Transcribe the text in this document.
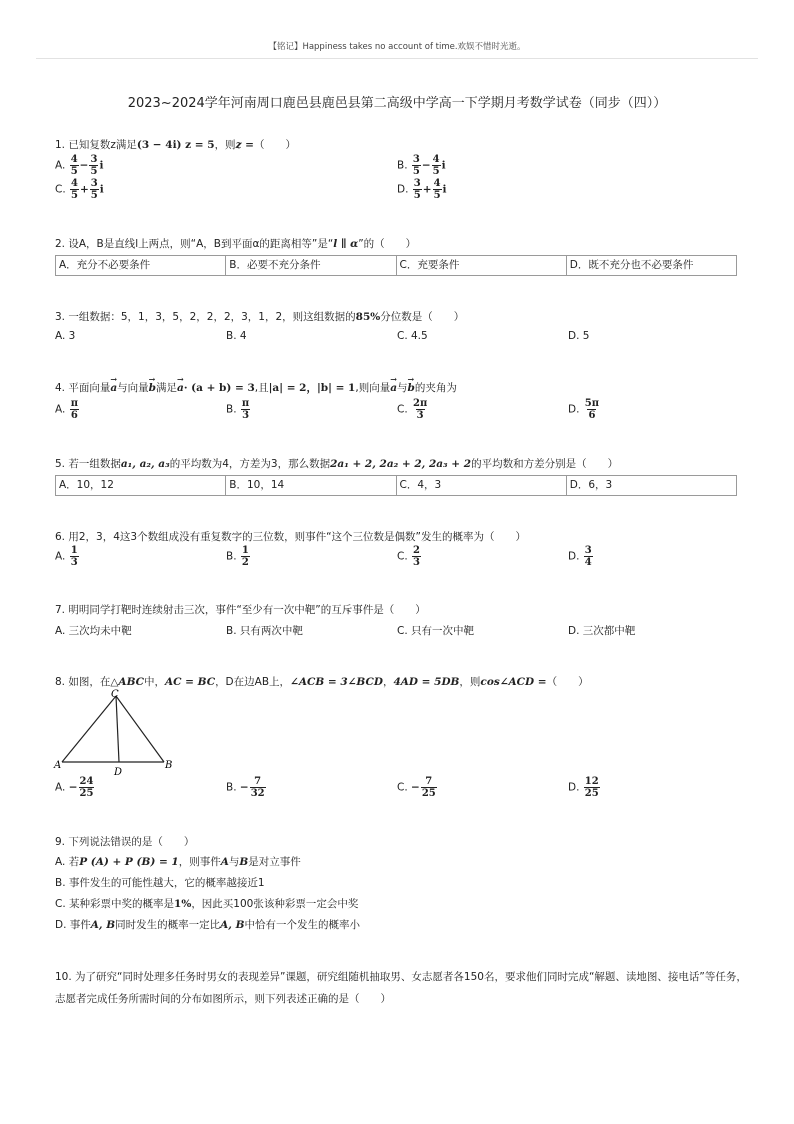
【铭记】Happiness takes no account of time.欢娱不惜时光逝。
2023~2024学年河南周口鹿邑县鹿邑县第二高级中学高一下学期月考数学试卷（同步（四））
1. 已知复数z满足(3 − 4i) z = 5，则z =（　　）
A. $\frac{4}{5} - \frac{3}{5}$ i	B. $\frac{3}{5} - \frac{4}{5}$ i
C. $\frac{4}{5} + \frac{3}{5}$ i	D. $\frac{3}{5} + \frac{4}{5}$ i
2. 设A，B是直线l上两点，则“A，B到平面α的距离相等”是“l ∥ α”的（　　）
A．充分不必要条件	B．必要不充分条件	C．充要条件	D．既不充分也不必要条件
3. 一组数据：5，1，3，5，2，2，2，3，1，2，则这组数据的85%分位数是（　　）
A. 3	B. 4	C. 4.5	D. 5
4. 平面向量→ a与向量→ b满足→ a· (a + b) = 3,且|a| = 2，|b| = 1,则向量→ a与→ b的夹角为
A. $\frac{\pi}{6}$	B. $\frac{\pi}{3}$	C. $\frac{2\pi}{3}$	D. $\frac{5\pi}{6}$
5. 若一组数据a₁, a₂, a₃的平均数为4，方差为3，那么数据2a₁ + 2, 2a₂ + 2, 2a₃ + 2的平均数和方差分别是（　　）
A．10，12	B．10，14	C．4，3	D．6，3
6. 用2，3，4这3个数组成没有重复数字的三位数，则事件“这个三位数是偶数”发生的概率为（　　）
A. $\frac{1}{3}$	B. $\frac{1}{2}$	C. $\frac{2}{3}$	D. $\frac{3}{4}$
7. 明明同学打靶时连续射击三次，事件“至少有一次中靶”的互斥事件是（　　）
A. 三次均未中靶	B. 只有两次中靶	C. 只有一次中靶	D. 三次都中靶
8. 如图，在△ABC中，AC = BC，D在边AB上，∠ACB = 3∠BCD，4AD = 5DB，则cos∠ACD =（　　）
C
A	B
D
A. − $\frac{24}{25}$	B. − $\frac{7}{32}$	C. − $\frac{7}{25}$	D. $\frac{12}{25}$
9. 下列说法错误的是（　　）
A. 若P (A) + P (B) = 1，则事件A与B是对立事件
B. 事件发生的可能性越大，它的概率越接近1
C. 某种彩票中奖的概率是1%，因此买100张该种彩票一定会中奖
D. 事件A, B同时发生的概率一定比A, B中恰有一个发生的概率小
10. 为了研究“同时处理多任务时男女的表现差异”课题，研究组随机抽取男、女志愿者各150名，要求他们同时完成“解题、读地图、接电话”等任务，志愿者完成任务所需时间的分布如图所示，则下列表述正确的是（　　）
